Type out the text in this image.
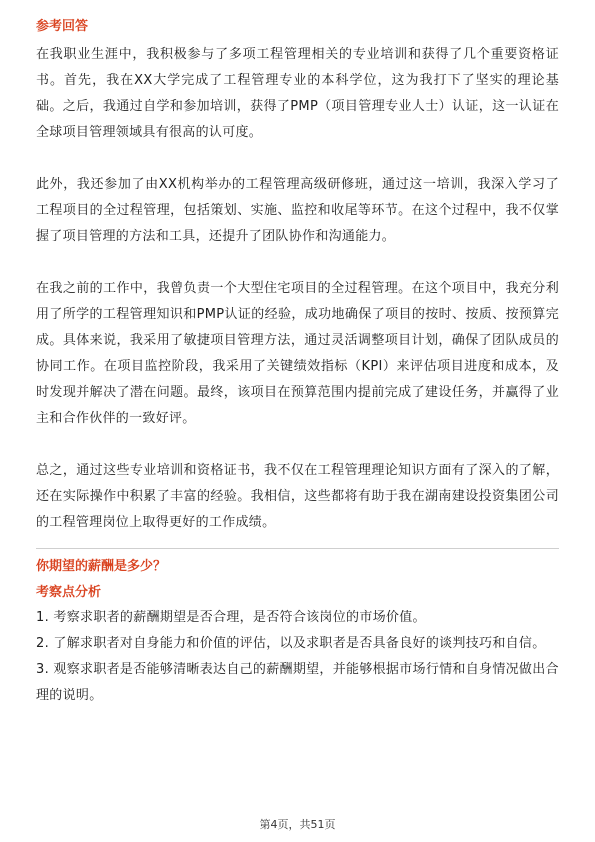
参考回答

在我职业生涯中，我积极参与了多项工程管理相关的专业培训和获得了几个重要资格证书。首先，我在XX大学完成了工程管理专业的本科学位，这为我打下了坚实的理论基础。之后，我通过自学和参加培训，获得了PMP（项目管理专业人士）认证，这一认证在全球项目管理领域具有很高的认可度。

此外，我还参加了由XX机构举办的工程管理高级研修班，通过这一培训，我深入学习了工程项目的全过程管理，包括策划、实施、监控和收尾等环节。在这个过程中，我不仅掌握了项目管理的方法和工具，还提升了团队协作和沟通能力。

在我之前的工作中，我曾负责一个大型住宅项目的全过程管理。在这个项目中，我充分利用了所学的工程管理知识和PMP认证的经验，成功地确保了项目的按时、按质、按预算完成。具体来说，我采用了敏捷项目管理方法，通过灵活调整项目计划，确保了团队成员的协同工作。在项目监控阶段，我采用了关键绩效指标（KPI）来评估项目进度和成本，及时发现并解决了潜在问题。最终，该项目在预算范围内提前完成了建设任务，并赢得了业主和合作伙伴的一致好评。

总之，通过这些专业培训和资格证书，我不仅在工程管理理论知识方面有了深入的了解，还在实际操作中积累了丰富的经验。我相信，这些都将有助于我在湖南建设投资集团公司的工程管理岗位上取得更好的工作成绩。

你期望的薪酬是多少？

考察点分析

1. 考察求职者的薪酬期望是否合理，是否符合该岗位的市场价值。

2. 了解求职者对自身能力和价值的评估，以及求职者是否具备良好的谈判技巧和自信。

3. 观察求职者是否能够清晰表达自己的薪酬期望，并能够根据市场行情和自身情况做出合理的说明。

第4页，共51页
